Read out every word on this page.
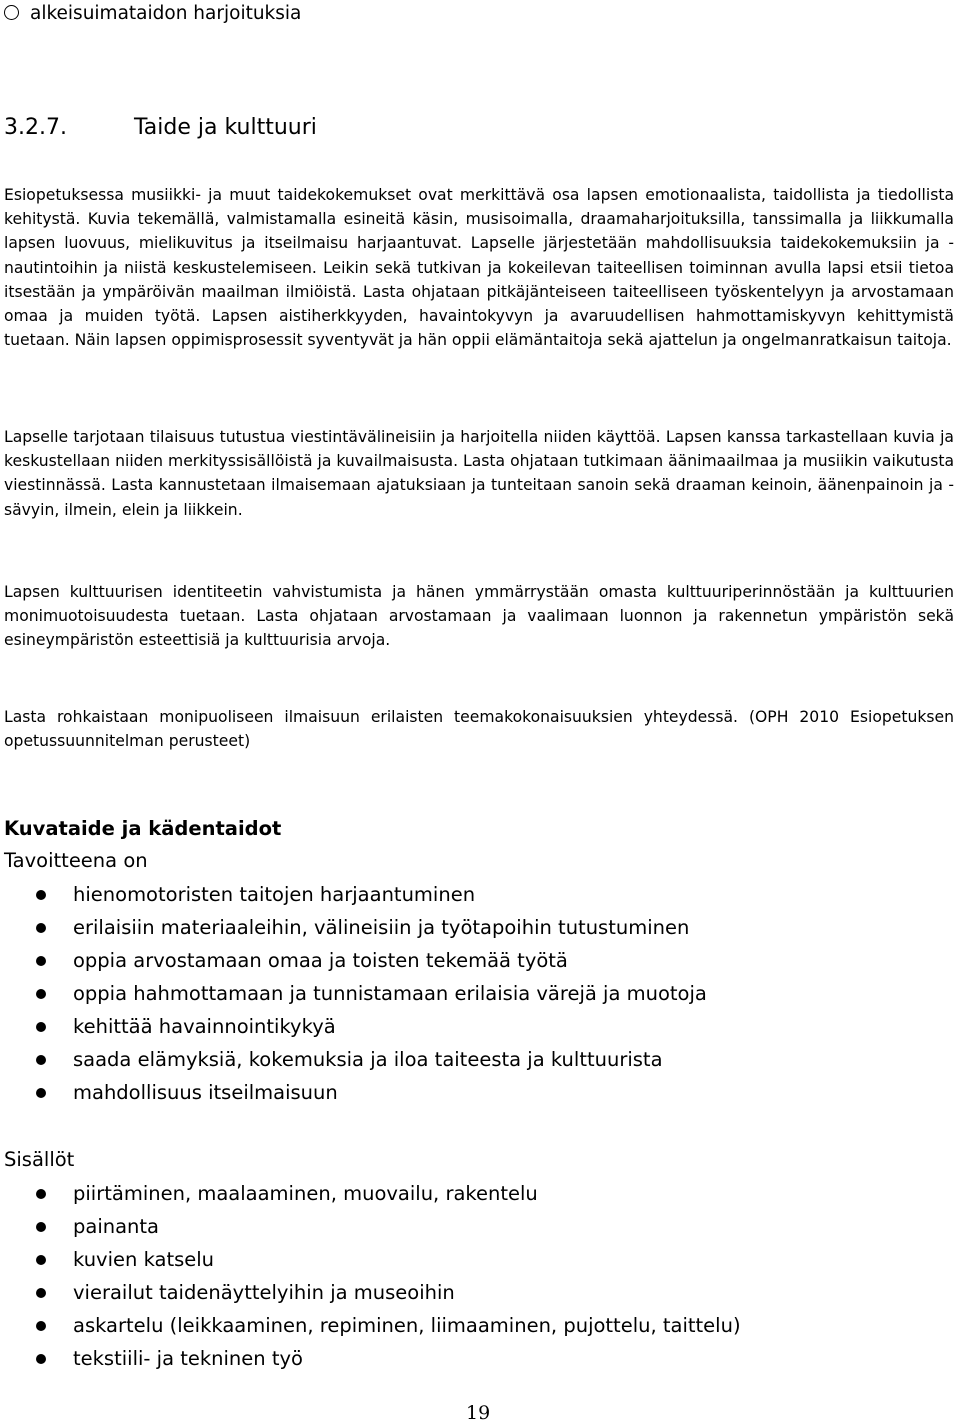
alkeisuimataidon harjoituksia
3.2.7.	Taide ja kulttuuri

Esiopetuksessa musiikki- ja muut taidekokemukset ovat merkittävä osa lapsen emotionaalista, taidollista ja tiedollista kehitystä. Kuvia tekemällä, valmistamalla esineitä käsin, musisoimalla, draamaharjoituksilla, tanssimalla ja liikkumalla lapsen luovuus, mielikuvitus ja itseilmaisu harjaantuvat. Lapselle järjestetään mahdollisuuksia taidekokemuksiin ja -nautintoihin ja niistä keskustelemiseen. Leikin sekä tutkivan ja kokeilevan taiteellisen toiminnan avulla lapsi etsii tietoa itsestään ja ympäröivän maailman ilmiöistä. Lasta ohjataan pitkäjänteiseen taiteelliseen työskentelyyn ja arvostamaan omaa ja muiden työtä. Lapsen aistiherkkyyden, havaintokyvyn ja avaruudellisen hahmottamiskyvyn kehittymistä tuetaan. Näin lapsen oppimisprosessit syventyvät ja hän oppii elämäntaitoja sekä ajattelun ja ongelmanratkaisun taitoja.

Lapselle tarjotaan tilaisuus tutustua viestintävälineisiin ja harjoitella niiden käyttöä. Lapsen kanssa tarkastellaan kuvia ja keskustellaan niiden merkityssisällöistä ja kuvailmaisusta. Lasta ohjataan tutkimaan äänimaailmaa ja musiikin vaikutusta viestinnässä. Lasta kannustetaan ilmaisemaan ajatuksiaan ja tunteitaan sanoin sekä draaman keinoin, äänenpainoin ja -sävyin, ilmein, elein ja liikkein.

Lapsen kulttuurisen identiteetin vahvistumista ja hänen ymmärrystään omasta kulttuuriperinnöstään ja kulttuurien monimuotoisuudesta tuetaan. Lasta ohjataan arvostamaan ja vaalimaan luonnon ja rakennetun ympäristön sekä esineympäristön esteettisiä ja kulttuurisia arvoja.

Lasta rohkaistaan monipuoliseen ilmaisuun erilaisten teemakokonaisuuksien yhteydessä. (OPH 2010 Esiopetuksen opetussuunnitelman perusteet)

Kuvataide ja kädentaidot
Tavoitteena on
hienomotoristen taitojen harjaantuminen
erilaisiin materiaaleihin, välineisiin ja työtapoihin tutustuminen
oppia arvostamaan omaa ja toisten tekemää työtä
oppia hahmottamaan ja tunnistamaan erilaisia värejä ja muotoja
kehittää havainnointikykyä
saada elämyksiä, kokemuksia ja iloa taiteesta ja kulttuurista
mahdollisuus itseilmaisuun
Sisällöt
piirtäminen, maalaaminen, muovailu, rakentelu
painanta
kuvien katselu
vierailut taidenäyttelyihin ja museoihin
askartelu (leikkaaminen, repiminen, liimaaminen, pujottelu, taittelu)
tekstiili- ja tekninen työ
19
